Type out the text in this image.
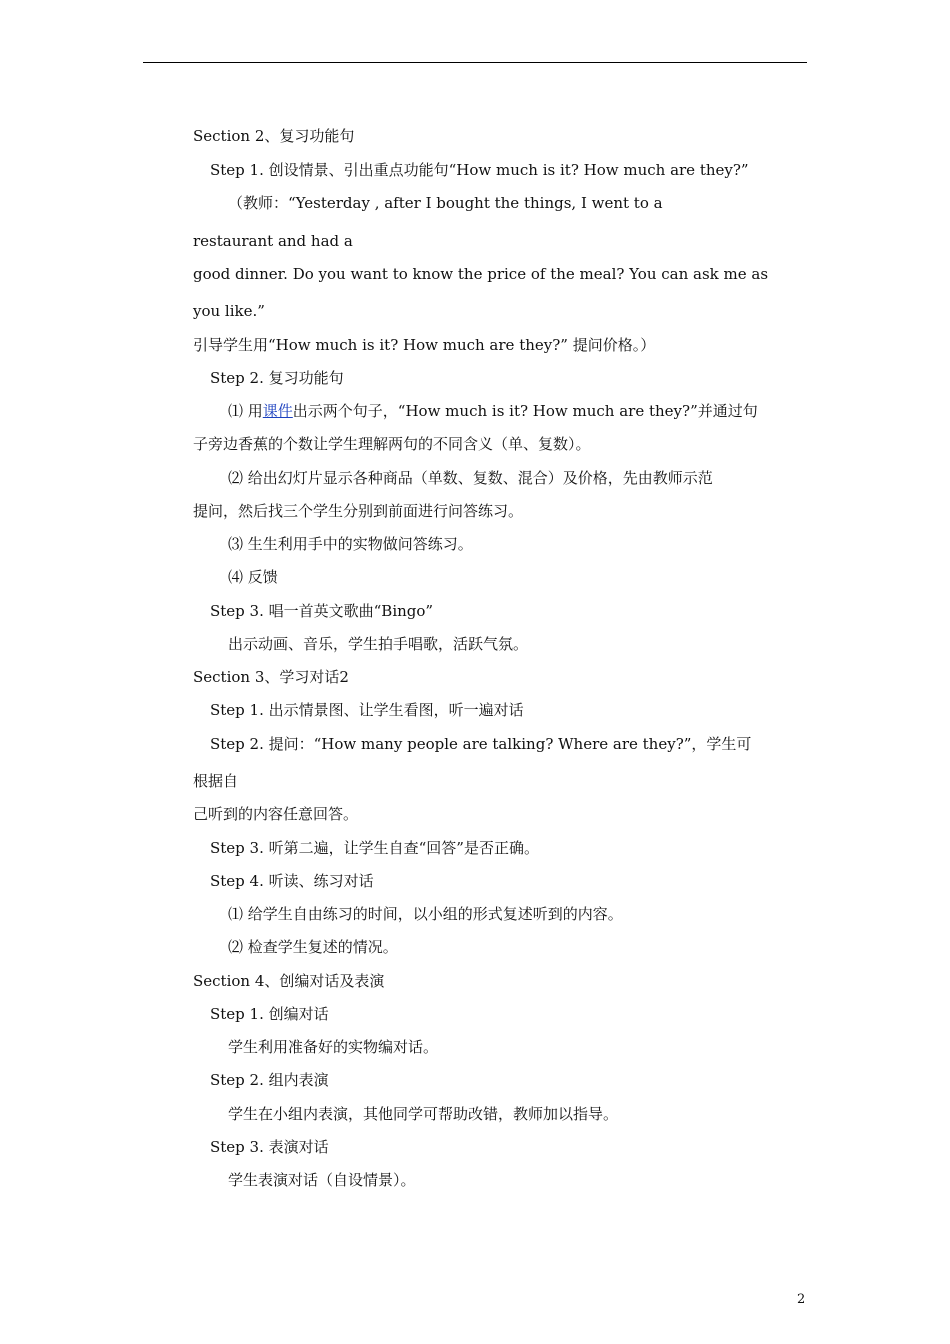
Section 2、复习功能句
Step 1. 创设情景、引出重点功能句“How much is it? How much are they?”
（教师：“Yesterday , after I bought the things, I went to a
restaurant and had a
good dinner. Do you want to know the price of the meal? You can ask me as
you like.”
引导学生用“How much is it? How much are they?” 提问价格。）
Step 2. 复习功能句
⑴ 用课件出示两个句子，“How much is it? How much are they?”并通过句
子旁边香蕉的个数让学生理解两句的不同含义（单、复数）。
⑵ 给出幻灯片显示各种商品（单数、复数、混合）及价格，先由教师示范
提问，然后找三个学生分别到前面进行问答练习。
⑶ 生生利用手中的实物做问答练习。
⑷ 反馈
Step 3. 唱一首英文歌曲“Bingo”
出示动画、音乐，学生拍手唱歌，活跃气氛。
Section 3、学习对话2
Step 1. 出示情景图、让学生看图，听一遍对话
Step 2. 提问：“How many people are talking? Where are they?”，学生可
根据自
己听到的内容任意回答。
Step 3. 听第二遍，让学生自查“回答”是否正确。
Step 4. 听读、练习对话
⑴ 给学生自由练习的时间，以小组的形式复述听到的内容。
⑵ 检查学生复述的情况。
Section 4、创编对话及表演
Step 1. 创编对话
学生利用准备好的实物编对话。
Step 2. 组内表演
学生在小组内表演，其他同学可帮助改错，教师加以指导。
Step 3. 表演对话
学生表演对话（自设情景）。
2
